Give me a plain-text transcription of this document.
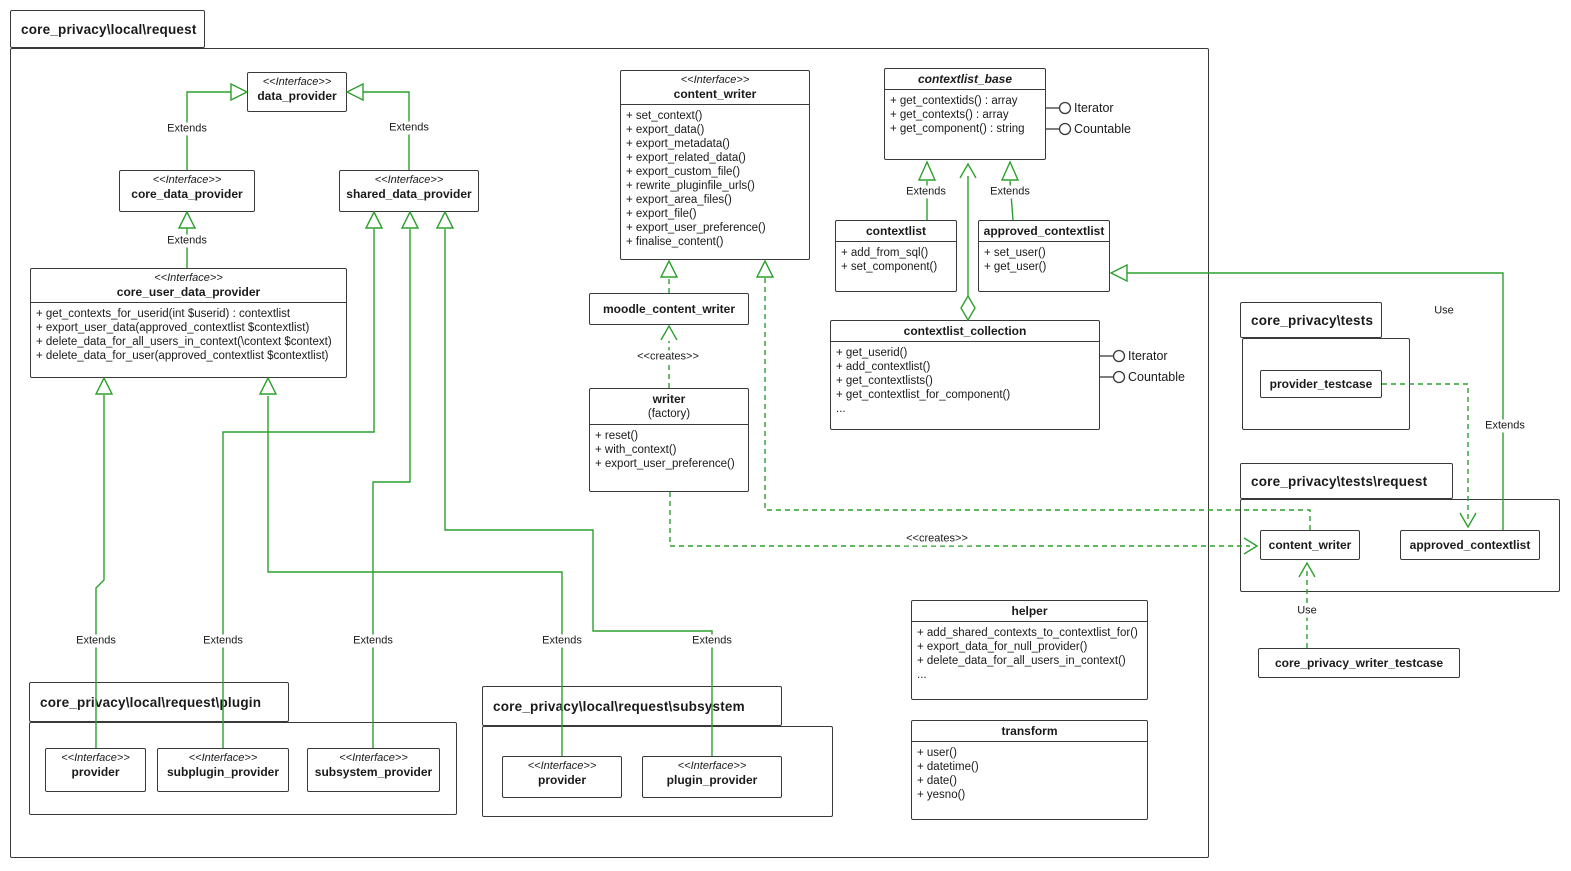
core_privacy\local\request
core_privacy\local\request\plugin	core_privacy\local\request\subsystem
core_privacy\tests
core_privacy\tests\request
<<Interface>>
data_provider
<<Interface>>
core_data_provider
<<Interface>>
shared_data_provider
<<Interface>>
core_user_data_provider
+ get_contexts_for_userid(int $userid) : contextlist
+ export_user_data(approved_contextlist $contextlist)
+ delete_data_for_all_users_in_context(\context $context)
+ delete_data_for_user(approved_contextlist $contextlist)
<<Interface>>
content_writer
+ set_context()
+ export_data()
+ export_metadata()
+ export_related_data()
+ export_custom_file()
+ rewrite_pluginfile_urls()
+ export_area_files()
+ export_file()
+ export_user_preference()
+ finalise_content()
moodle_content_writer
writer
(factory)
+ reset()
+ with_context()
+ export_user_preference()
contextlist_base
+ get_contextids() : array
+ get_contexts() : array
+ get_component() : string
contextlist
+ add_from_sql()
+ set_component()
approved_contextlist
+ set_user()
+ get_user()
contextlist_collection
+ get_userid()
+ add_contextlist()
+ get_contextlists()
+ get_contextlist_for_component()
...
helper
+ add_shared_contexts_to_contextlist_for()
+ export_data_for_null_provider()
+ delete_data_for_all_users_in_context()
...
transform
+ user()
+ datetime()
+ date()
+ yesno()
provider_testcase
content_writer	approved_contextlist
core_privacy_writer_testcase
<<Interface>>
provider
<<Interface>>
subplugin_provider
<<Interface>>
subsystem_provider	<<Interface>>
provider
<<Interface>>
plugin_provider
Iterator
Countable
Iterator
Countable
Extends	Extends
Extends
Extends	Extends
Extends	Extends	Extends	Extends	Extends
Extends
Use
Use
<<creates>>
<<creates>>
